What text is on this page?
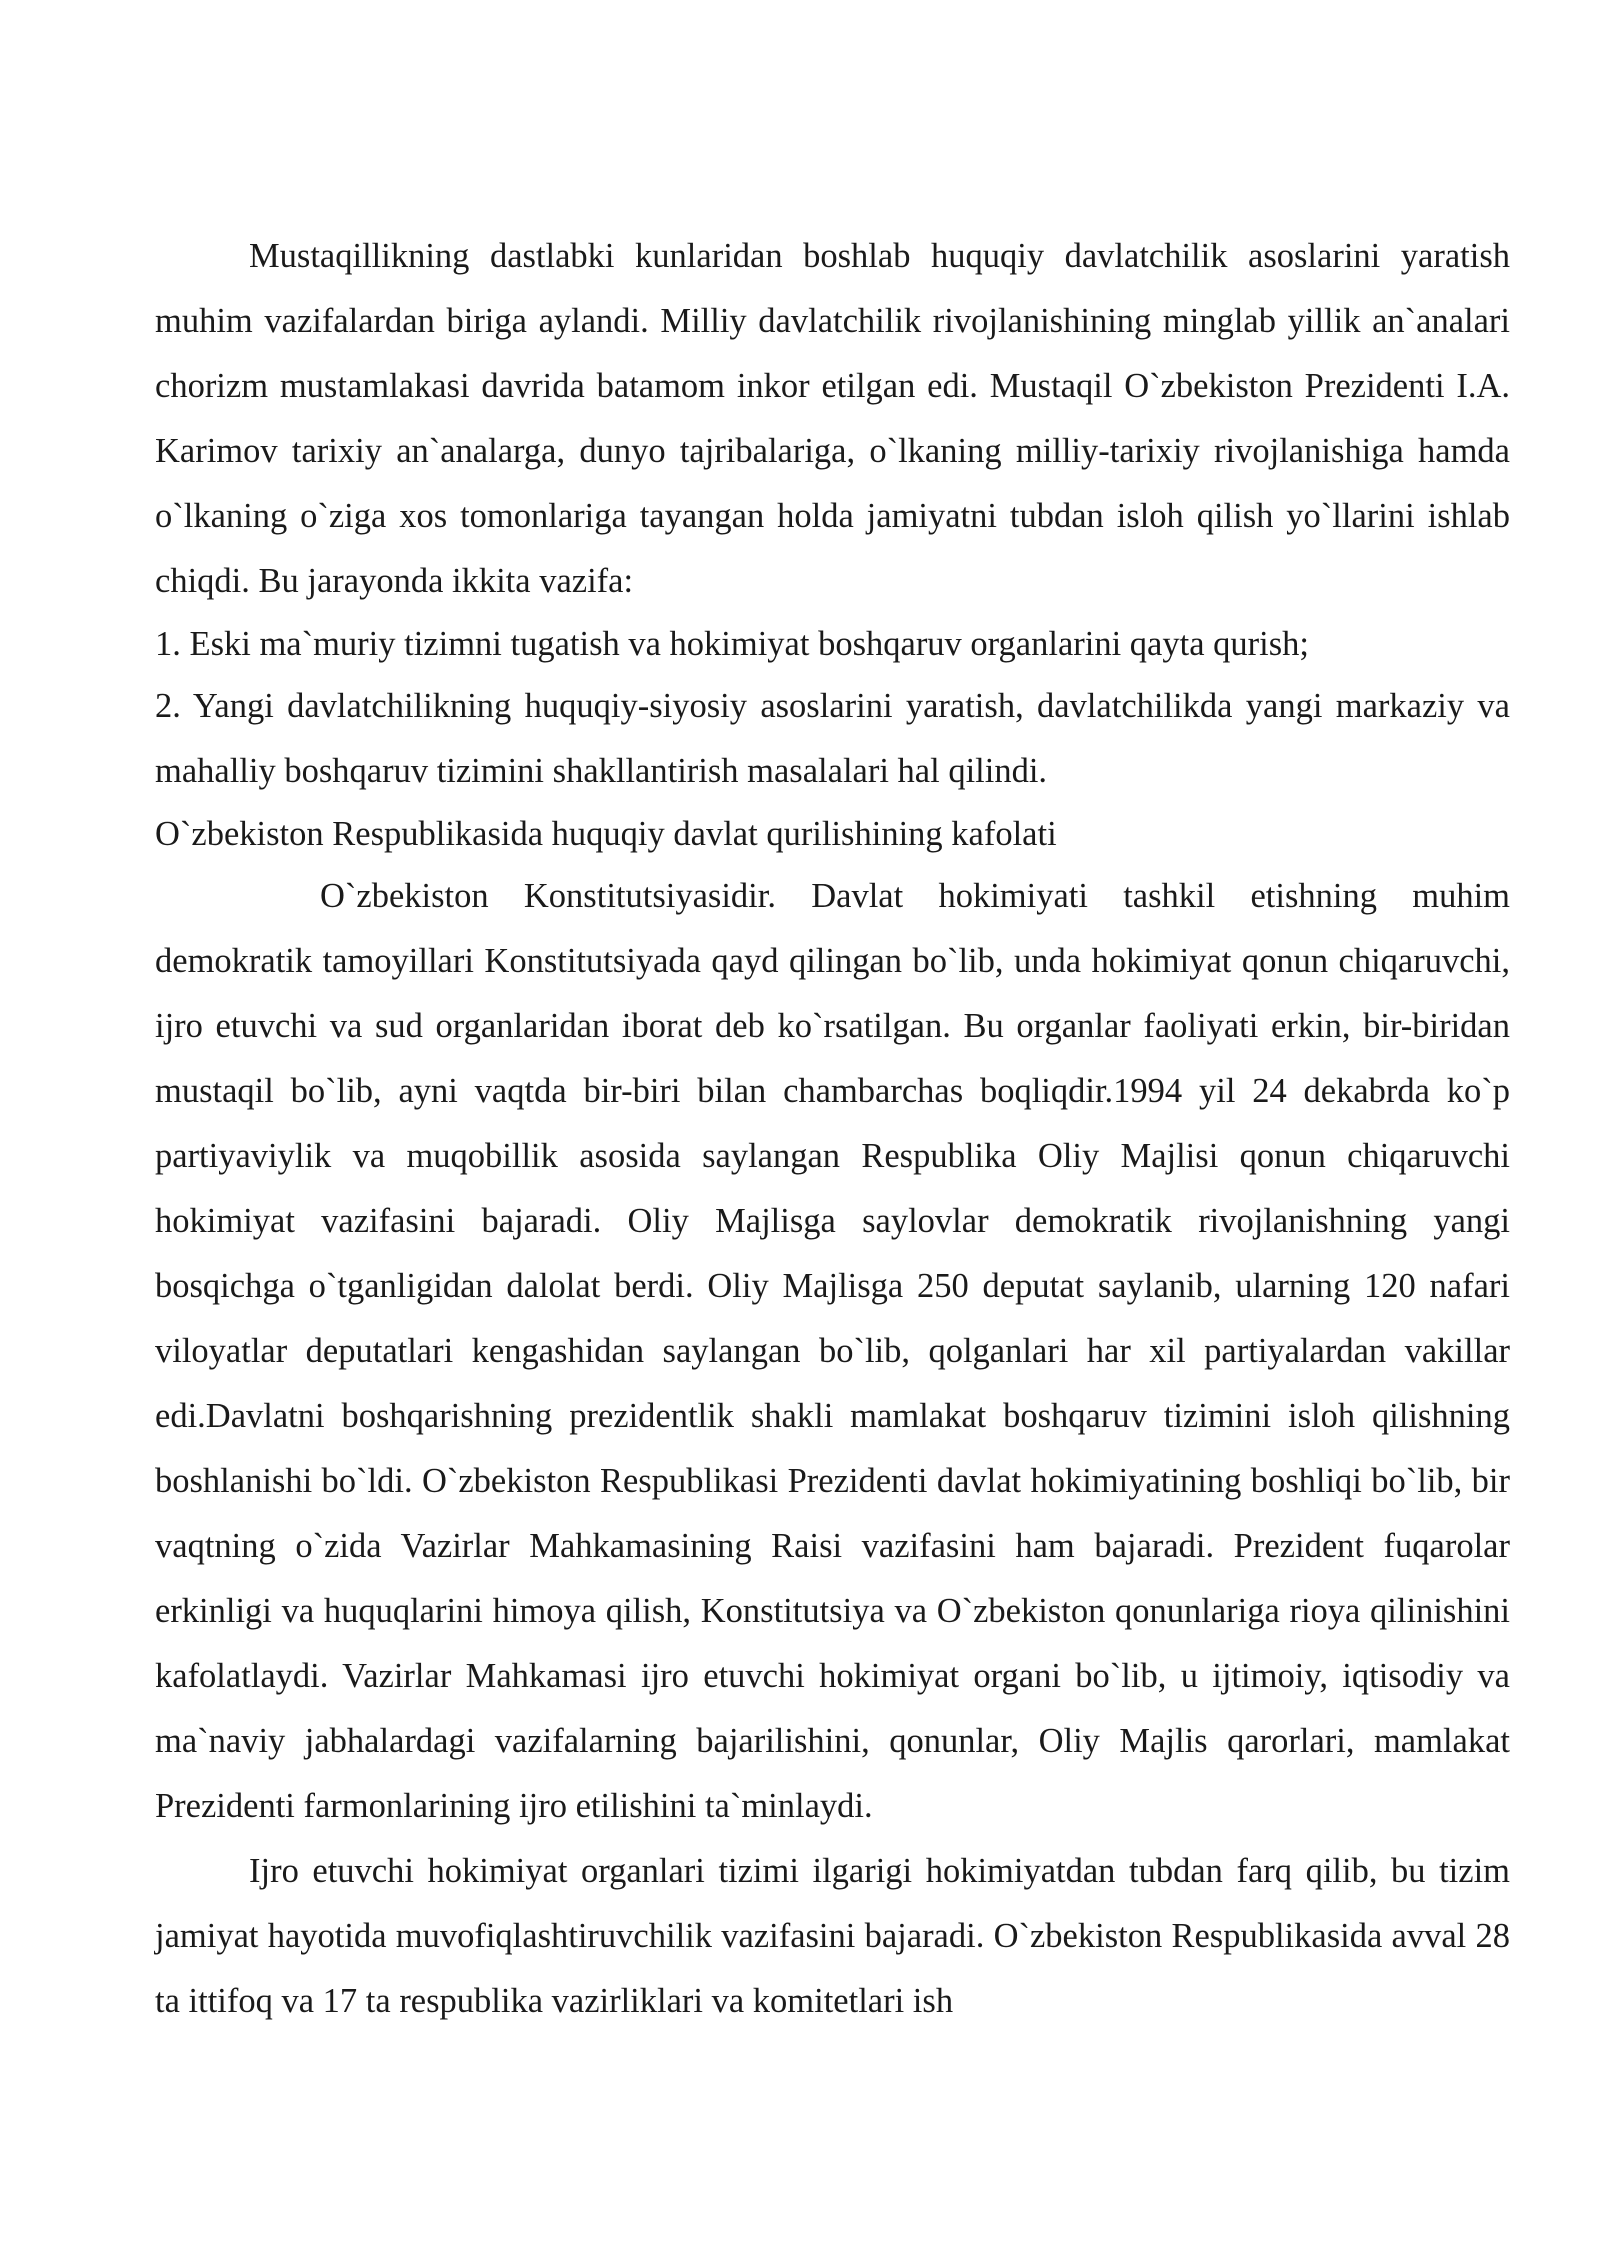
Mustaqillikning dastlabki kunlaridan boshlab huquqiy davlatchilik asoslarini yaratish muhim vazifalardan biriga aylandi. Milliy davlatchilik rivojlanishining minglab yillik an`analari chorizm mustamlakasi davrida batamom inkor etilgan edi. Mustaqil O`zbekiston Prezidenti I.A. Karimov tarixiy an`analarga, dunyo tajribalariga, o`lkaning milliy-tarixiy rivojlanishiga hamda o`lkaning o`ziga xos tomonlariga tayangan holda jamiyatni tubdan isloh qilish yo`llarini ishlab chiqdi. Bu jarayonda ikkita vazifa:

1. Eski ma`muriy tizimni tugatish va hokimiyat boshqaruv organlarini qayta qurish;

2. Yangi davlatchilikning huquqiy-siyosiy asoslarini yaratish, davlatchilikda yangi markaziy va mahalliy boshqaruv tizimini shakllantirish masalalari hal qilindi.

O`zbekiston Respublikasida huquqiy davlat qurilishining kafolati

O`zbekiston Konstitutsiyasidir. Davlat hokimiyati tashkil etishning muhim demokratik tamoyillari Konstitutsiyada qayd qilingan bo`lib, unda hokimiyat qonun chiqaruvchi, ijro etuvchi va sud organlaridan iborat deb ko`rsatilgan. Bu organlar faoliyati erkin, bir-biridan mustaqil bo`lib, ayni vaqtda bir-biri bilan chambarchas boqliqdir.1994 yil 24 dekabrda ko`p partiyaviylik va muqobillik asosida saylangan Respublika Oliy Majlisi qonun chiqaruvchi hokimiyat vazifasini bajaradi. Oliy Majlisga saylovlar demokratik rivojlanishning yangi bosqichga o`tganligidan dalolat berdi. Oliy Majlisga 250 deputat saylanib, ularning 120 nafari viloyatlar deputatlari kengashidan saylangan bo`lib, qolganlari har xil partiyalardan vakillar edi.Davlatni boshqarishning prezidentlik shakli mamlakat boshqaruv tizimini isloh qilishning boshlanishi bo`ldi. O`zbekiston Respublikasi Prezidenti davlat hokimiyatining boshliqi bo`lib, bir vaqtning o`zida Vazirlar Mahkamasining Raisi vazifasini ham bajaradi. Prezident fuqarolar erkinligi va huquqlarini himoya qilish, Konstitutsiya va O`zbekiston qonunlariga rioya qilinishini kafolatlaydi. Vazirlar Mahkamasi ijro etuvchi hokimiyat organi bo`lib, u ijtimoiy, iqtisodiy va ma`naviy jabhalardagi vazifalarning bajarilishini, qonunlar, Oliy Majlis qarorlari, mamlakat Prezidenti farmonlarining ijro etilishini ta`minlaydi.

Ijro etuvchi hokimiyat organlari tizimi ilgarigi hokimiyatdan tubdan farq qilib, bu tizim jamiyat hayotida muvofiqlashtiruvchilik vazifasini bajaradi. O`zbekiston Respublikasida avval 28 ta ittifoq va 17 ta respublika vazirliklari va komitetlari ish
